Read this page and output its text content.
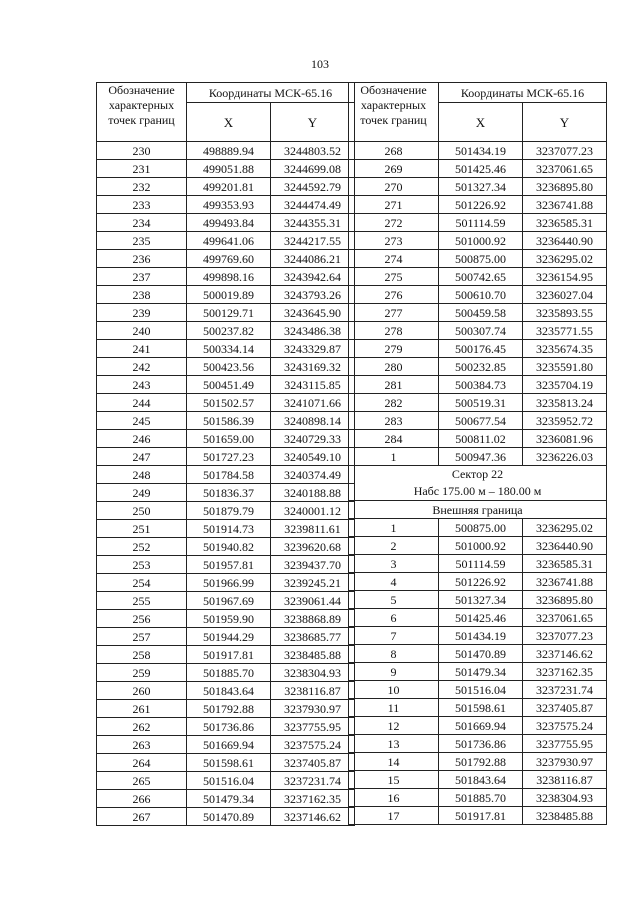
103
Обозначение
характерных
точек границ	Координаты МСК-65.16	
	X	Y
230	498889.94	3244803.52
231	499051.88	3244699.08
232	499201.81	3244592.79
233	499353.93	3244474.49
234	499493.84	3244355.31
235	499641.06	3244217.55
236	499769.60	3244086.21
237	499898.16	3243942.64
238	500019.89	3243793.26
239	500129.71	3243645.90
240	500237.82	3243486.38
241	500334.14	3243329.87
242	500423.56	3243169.32
243	500451.49	3243115.85
244	501502.57	3241071.66
245	501586.39	3240898.14
246	501659.00	3240729.33
247	501727.23	3240549.10
248	501784.58	3240374.49
249	501836.37	3240188.88
250	501879.79	3240001.12
251	501914.73	3239811.61
252	501940.82	3239620.68
253	501957.81	3239437.70
254	501966.99	3239245.21
255	501967.69	3239061.44
256	501959.90	3238868.89
257	501944.29	3238685.77
258	501917.81	3238485.88
259	501885.70	3238304.93
260	501843.64	3238116.87
261	501792.88	3237930.97
262	501736.86	3237755.95
263	501669.94	3237575.24
264	501598.61	3237405.87
265	501516.04	3237231.74
266	501479.34	3237162.35
267	501470.89	3237146.62
Обозначение
характерных
точек границ	Координаты МСК-65.16	
	X	Y
268	501434.19	3237077.23
269	501425.46	3237061.65
270	501327.34	3236895.80
271	501226.92	3236741.88
272	501114.59	3236585.31
273	501000.92	3236440.90
274	500875.00	3236295.02
275	500742.65	3236154.95
276	500610.70	3236027.04
277	500459.58	3235893.55
278	500307.74	3235771.55
279	500176.45	3235674.35
280	500232.85	3235591.80
281	500384.73	3235704.19
282	500519.31	3235813.24
283	500677.54	3235952.72
284	500811.02	3236081.96
1	500947.36	3236226.03

Сектор 22
Набс 175.00 м – 180.00 м		

Внешняя граница		
1	500875.00	3236295.02
2	501000.92	3236440.90
3	501114.59	3236585.31
4	501226.92	3236741.88
5	501327.34	3236895.80
6	501425.46	3237061.65
7	501434.19	3237077.23
8	501470.89	3237146.62
9	501479.34	3237162.35
10	501516.04	3237231.74
11	501598.61	3237405.87
12	501669.94	3237575.24
13	501736.86	3237755.95
14	501792.88	3237930.97
15	501843.64	3238116.87
16	501885.70	3238304.93
17	501917.81	3238485.88
